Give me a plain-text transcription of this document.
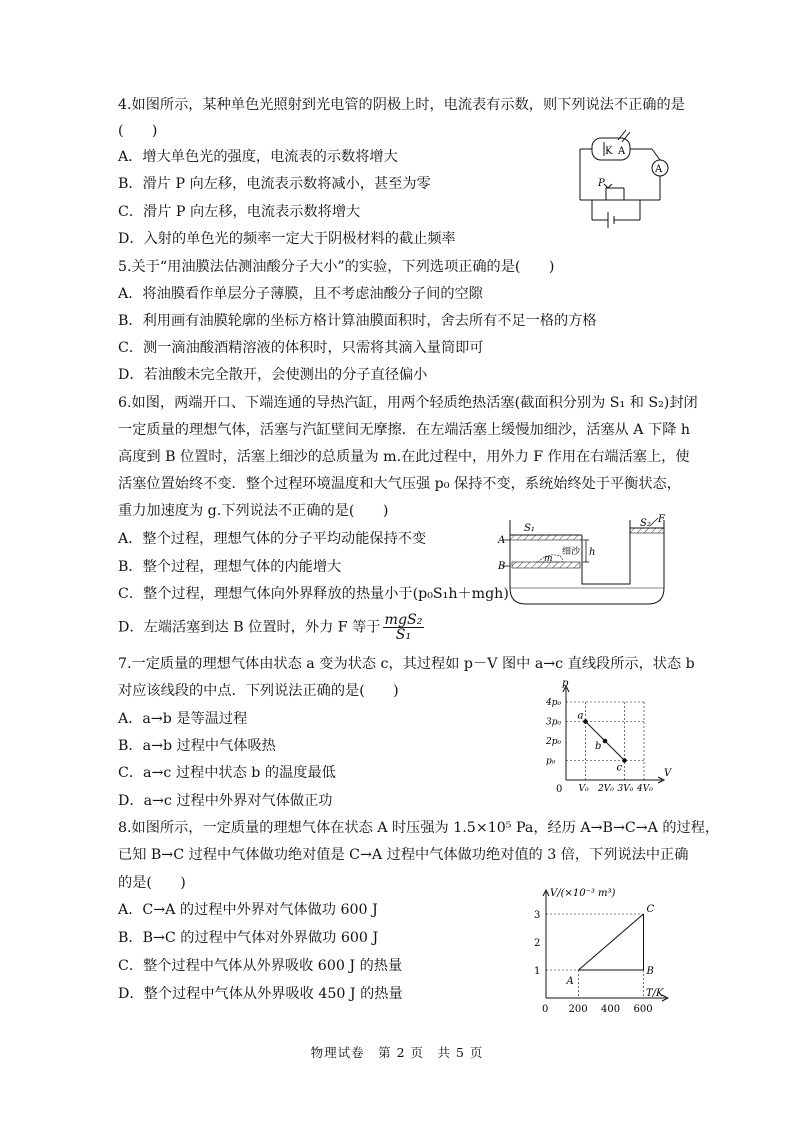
4.如图所示，某种单色光照射到光电管的阴极上时，电流表有示数，则下列说法不正确的是
(　　)
A．增大单色光的强度，电流表的示数将增大
B．滑片 P 向左移，电流表示数将减小，甚至为零
C．滑片 P 向左移，电流表示数将增大
D．入射的单色光的频率一定大于阴极材料的截止频率
K A
A
P
5.关于“用油膜法估测油酸分子大小”的实验，下列选项正确的是(　　)
A．将油膜看作单层分子薄膜，且不考虑油酸分子间的空隙
B．利用画有油膜轮廓的坐标方格计算油膜面积时，舍去所有不足一格的方格
C．测一滴油酸酒精溶液的体积时，只需将其滴入量筒即可
D．若油酸未完全散开，会使测出的分子直径偏小
6.如图，两端开口、下端连通的导热汽缸，用两个轻质绝热活塞(截面积分别为 S₁ 和 S₂)封闭
一定质量的理想气体，活塞与汽缸壁间无摩擦．在左端活塞上缓慢加细沙，活塞从 A 下降 h
高度到 B 位置时，活塞上细沙的总质量为 m.在此过程中，用外力 F 作用在右端活塞上，使
活塞位置始终不变．整个过程环境温度和大气压强 p₀ 保持不变，系统始终处于平衡状态，
重力加速度为 g.下列说法不正确的是(　　)
A．整个过程，理想气体的分子平均动能保持不变
B．整个过程，理想气体的内能增大
C．整个过程，理想气体向外界释放的热量小于(p₀S₁h＋mgh)
D．左端活塞到达 B 位置时，外力 F 等于 $\frac{\text{mgS₂}}{\text{S₁}}$
S₁	S₂ F
A
B
h
m
细沙
7.一定质量的理想气体由状态 a 变为状态 c，其过程如 p－V 图中 a→c 直线段所示，状态 b
对应该线段的中点．下列说法正确的是(　　)
A．a→b 是等温过程
B．a→b 过程中气体吸热
C．a→c 过程中状态 b 的温度最低
D．a→c 过程中外界对气体做正功
p₀
2p₀
3p₀
4p₀
V₀ 2V₀ 3V₀ 4V₀
a
b
c
p
V
0
8.如图所示，一定质量的理想气体在状态 A 时压强为 1.5×10⁵ Pa，经历 A→B→C→A 的过程，
已知 B→C 过程中气体做功绝对值是 C→A 过程中气体做功绝对值的 3 倍，下列说法中正确
的是(　　)
A．C→A 的过程中外界对气体做功 600 J
B．B→C 的过程中气体对外界做功 600 J
C．整个过程中气体从外界吸收 600 J 的热量
D．整个过程中气体从外界吸收 450 J 的热量
1
2
3
200 400 600
A
B
C
V/(×10⁻³ m³)
T/K
0
物理试卷　第 2 页　共 5 页
